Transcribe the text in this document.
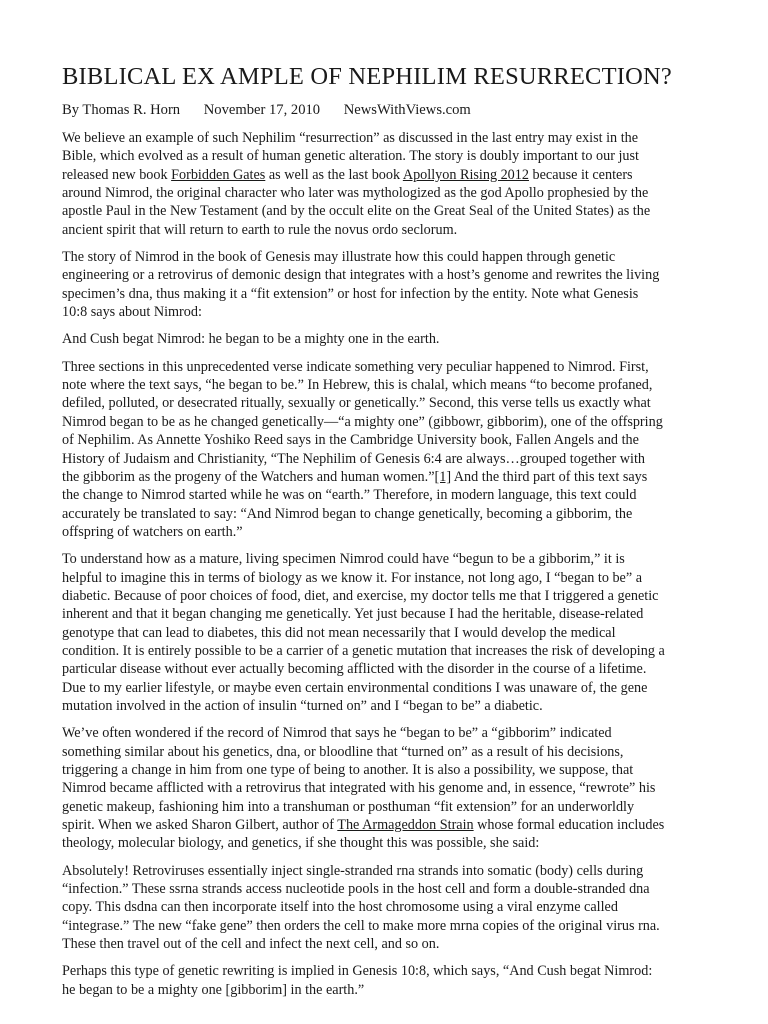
BIBLICAL EX AMPLE OF NEPHILIM RESURRECTION?
By Thomas R. Horn November 17, 2010 NewsWithViews.com

We believe an example of such Nephilim “resurrection” as discussed in the last entry may exist in the
Bible, which evolved as a result of human genetic alteration. The story is doubly important to our just
released new book Forbidden Gates as well as the last book Apollyon Rising 2012 because it centers
around Nimrod, the original character who later was mythologized as the god Apollo prophesied by the
apostle Paul in the New Testament (and by the occult elite on the Great Seal of the United States) as the
ancient spirit that will return to earth to rule the novus ordo seclorum.

The story of Nimrod in the book of Genesis may illustrate how this could happen through genetic
engineering or a retrovirus of demonic design that integrates with a host’s genome and rewrites the living
specimen’s dna, thus making it a “fit extension” or host for infection by the entity. Note what Genesis
10:8 says about Nimrod:

And Cush begat Nimrod: he began to be a mighty one in the earth.

Three sections in this unprecedented verse indicate something very peculiar happened to Nimrod. First,
note where the text says, “he began to be.” In Hebrew, this is chalal, which means “to become profaned,
defiled, polluted, or desecrated ritually, sexually or genetically.” Second, this verse tells us exactly what
Nimrod began to be as he changed genetically—“a mighty one” (gibbowr, gibborim), one of the offspring
of Nephilim. As Annette Yoshiko Reed says in the Cambridge University book, Fallen Angels and the
History of Judaism and Christianity, “The Nephilim of Genesis 6:4 are always…grouped together with
the gibborim as the progeny of the Watchers and human women.”[1] And the third part of this text says
the change to Nimrod started while he was on “earth.” Therefore, in modern language, this text could
accurately be translated to say: “And Nimrod began to change genetically, becoming a gibborim, the
offspring of watchers on earth.”

To understand how as a mature, living specimen Nimrod could have “begun to be a gibborim,” it is
helpful to imagine this in terms of biology as we know it. For instance, not long ago, I “began to be” a
diabetic. Because of poor choices of food, diet, and exercise, my doctor tells me that I triggered a genetic
inherent and that it began changing me genetically. Yet just because I had the heritable, disease-related
genotype that can lead to diabetes, this did not mean necessarily that I would develop the medical
condition. It is entirely possible to be a carrier of a genetic mutation that increases the risk of developing a
particular disease without ever actually becoming afflicted with the disorder in the course of a lifetime.
Due to my earlier lifestyle, or maybe even certain environmental conditions I was unaware of, the gene
mutation involved in the action of insulin “turned on” and I “began to be” a diabetic.

We’ve often wondered if the record of Nimrod that says he “began to be” a “gibborim” indicated
something similar about his genetics, dna, or bloodline that “turned on” as a result of his decisions,
triggering a change in him from one type of being to another. It is also a possibility, we suppose, that
Nimrod became afflicted with a retrovirus that integrated with his genome and, in essence, “rewrote” his
genetic makeup, fashioning him into a transhuman or posthuman “fit extension” for an underworldly
spirit. When we asked Sharon Gilbert, author of The Armageddon Strain whose formal education includes
theology, molecular biology, and genetics, if she thought this was possible, she said:

Absolutely! Retroviruses essentially inject single-stranded rna strands into somatic (body) cells during
“infection.” These ssrna strands access nucleotide pools in the host cell and form a double-stranded dna
copy. This dsdna can then incorporate itself into the host chromosome using a viral enzyme called
“integrase.” The new “fake gene” then orders the cell to make more mrna copies of the original virus rna.
These then travel out of the cell and infect the next cell, and so on.

Perhaps this type of genetic rewriting is implied in Genesis 10:8, which says, “And Cush begat Nimrod:
he began to be a mighty one [gibborim] in the earth.”
